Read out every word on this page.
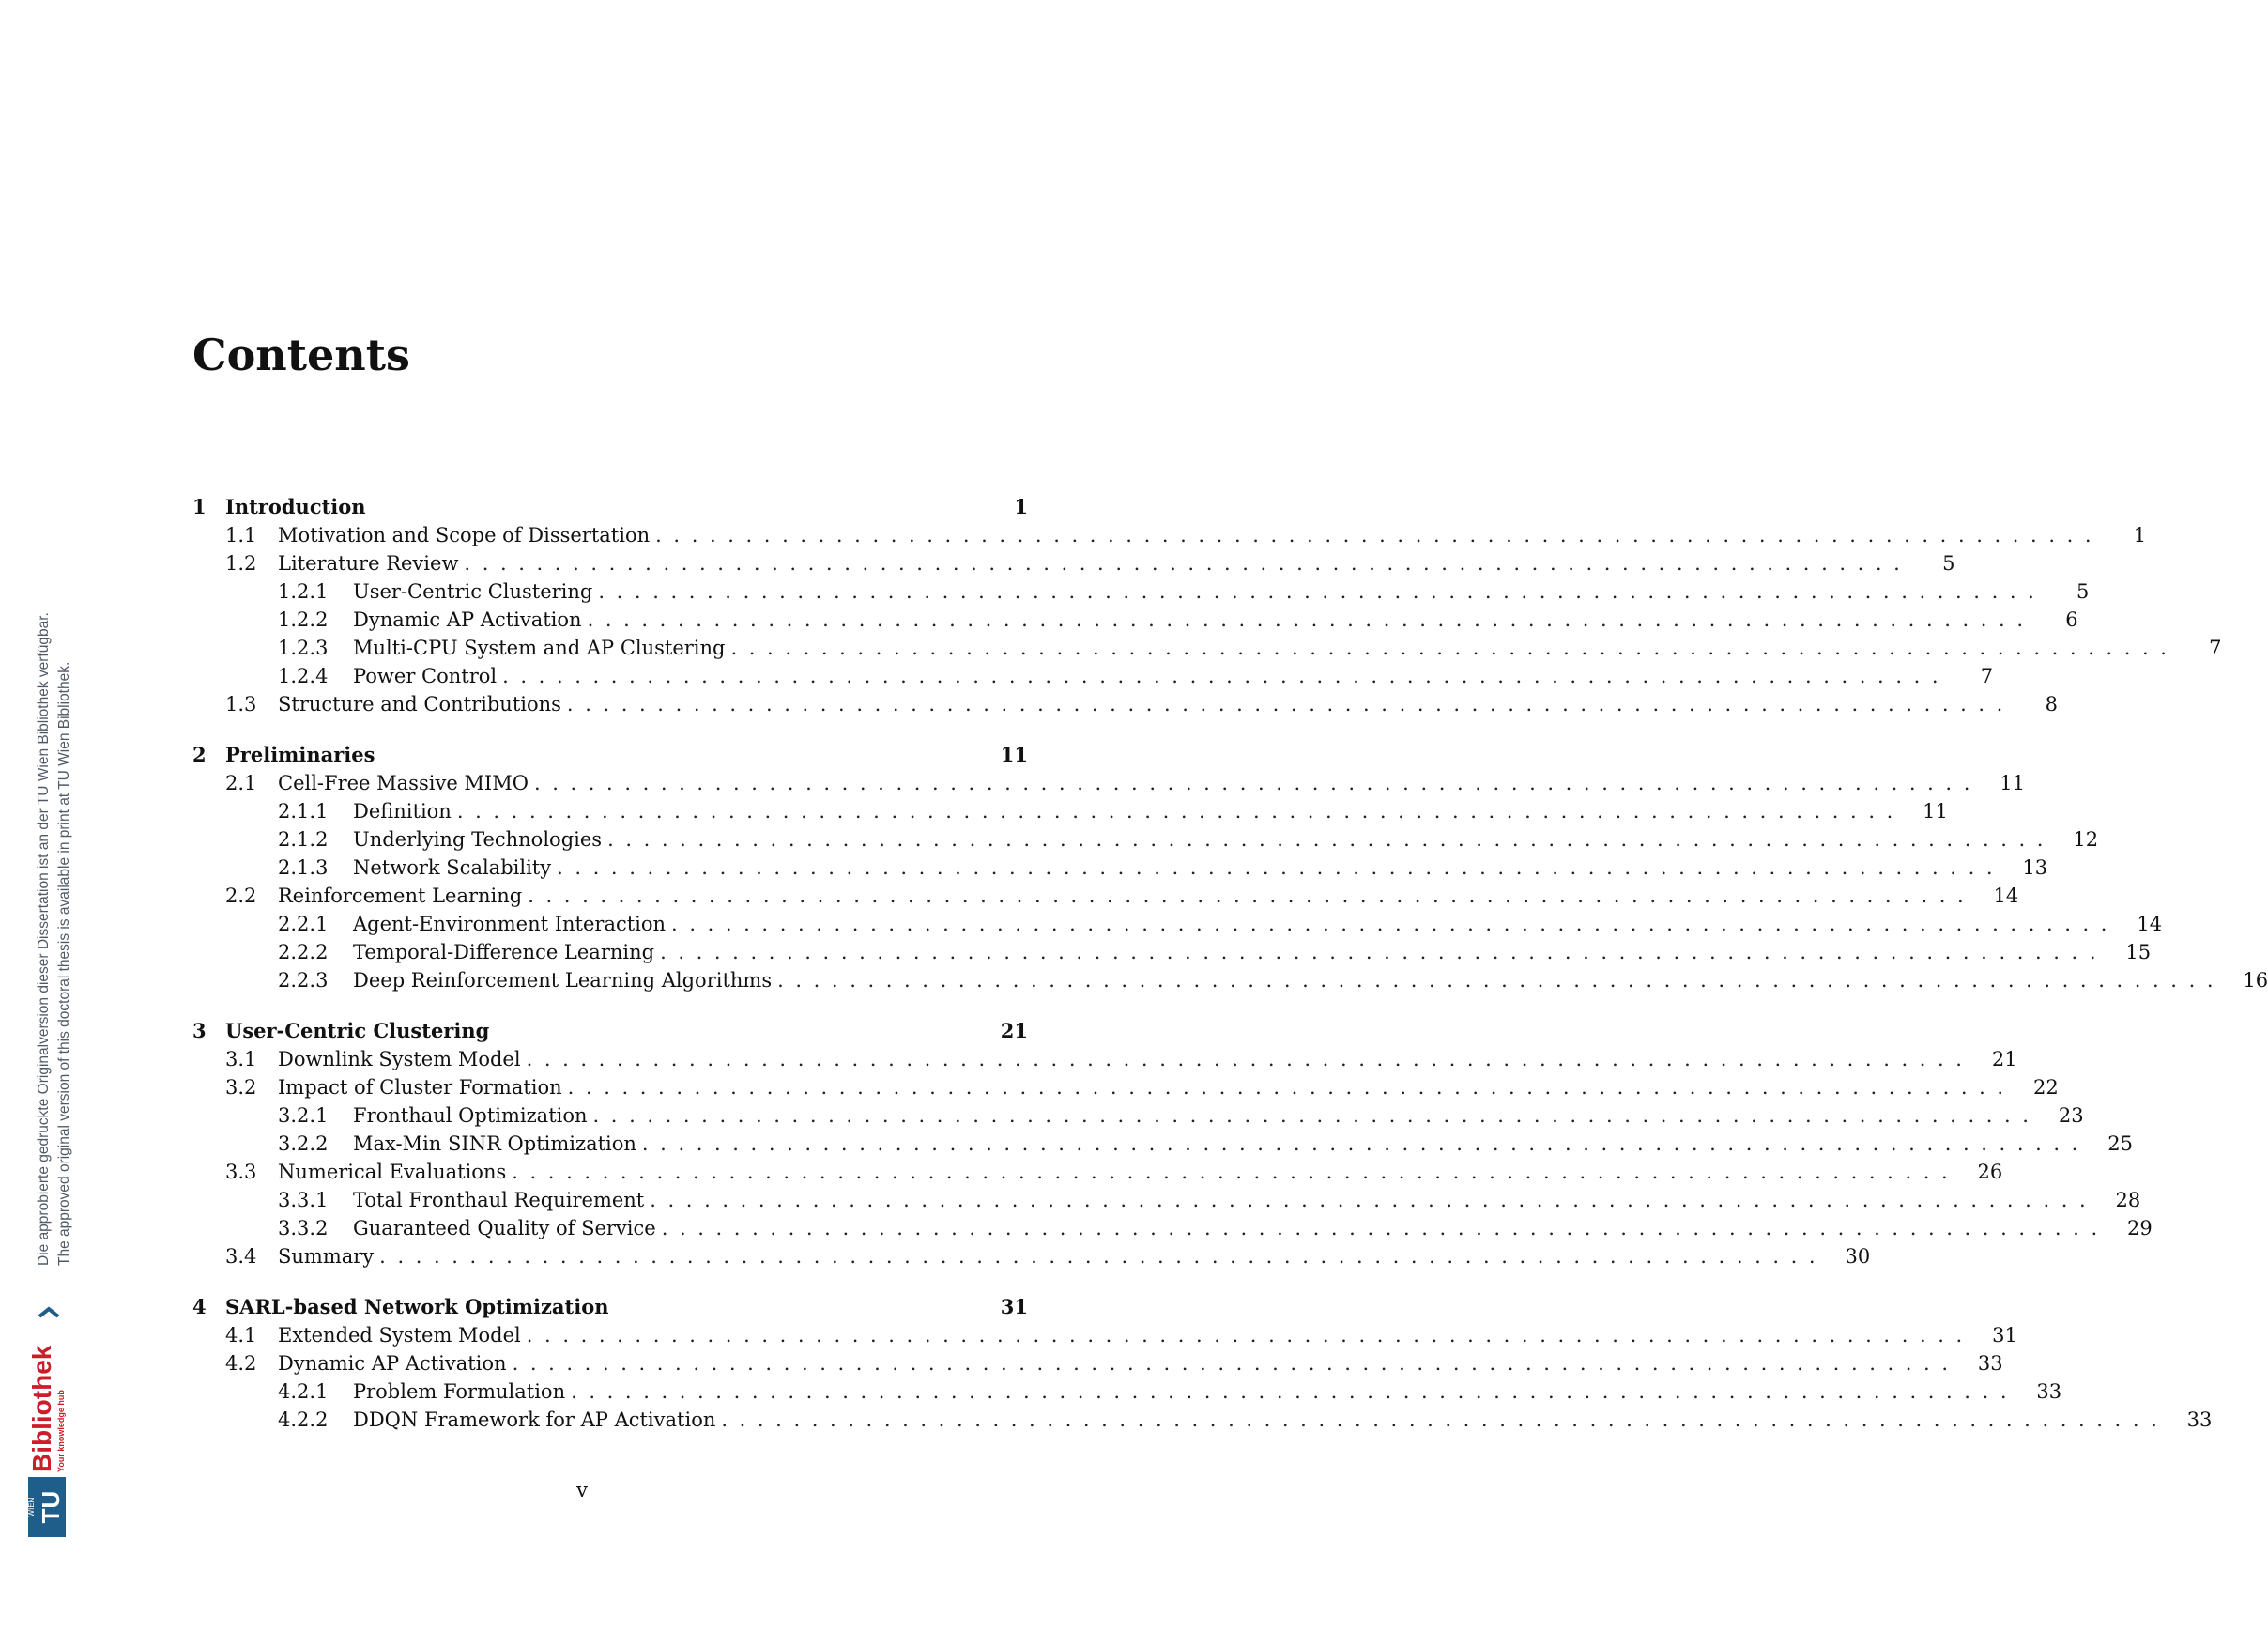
Die approbierte gedruckte Originalversion dieser Dissertation ist an der TU Wien Bibliothek verfügbar. The approved original version of this doctoral thesis is available in print at TU Wien Bibliothek.
TU
WIEN
Bibliothek Your knowledge hub
Contents
1 Introduction	1
1.1	Motivation and Scope of Dissertation ................................................................................	1
1.2	Literature Review ................................................................................	5
1.2.1	User-Centric Clustering ................................................................................	5
1.2.2	Dynamic AP Activation ................................................................................	6
1.2.3	Multi-CPU System and AP Clustering ................................................................................	7
1.2.4	Power Control ................................................................................	7
1.3	Structure and Contributions ................................................................................	8
2 Preliminaries	11
2.1	Cell-Free Massive MIMO ................................................................................ 11
2.1.1	Definition ................................................................................ 11
2.1.2	Underlying Technologies ................................................................................ 12
2.1.3	Network Scalability ................................................................................ 13
2.2	Reinforcement Learning ................................................................................ 14
2.2.1	Agent-Environment Interaction ................................................................................ 14
2.2.2	Temporal-Difference Learning ................................................................................ 15
2.2.3	Deep Reinforcement Learning Algorithms ................................................................................ 16
3 User-Centric Clustering	21
3.1	Downlink System Model ................................................................................ 21
3.2	Impact of Cluster Formation ................................................................................ 22
3.2.1	Fronthaul Optimization ................................................................................ 23
3.2.2	Max-Min SINR Optimization ................................................................................ 25
3.3	Numerical Evaluations ................................................................................ 26
3.3.1	Total Fronthaul Requirement ................................................................................ 28
3.3.2	Guaranteed Quality of Service ................................................................................ 29
3.4	Summary ................................................................................ 30
4 SARL-based Network Optimization	31
4.1	Extended System Model ................................................................................ 31
4.2	Dynamic AP Activation ................................................................................ 33
4.2.1	Problem Formulation ................................................................................ 33
4.2.2	DDQN Framework for AP Activation ................................................................................ 33
v
